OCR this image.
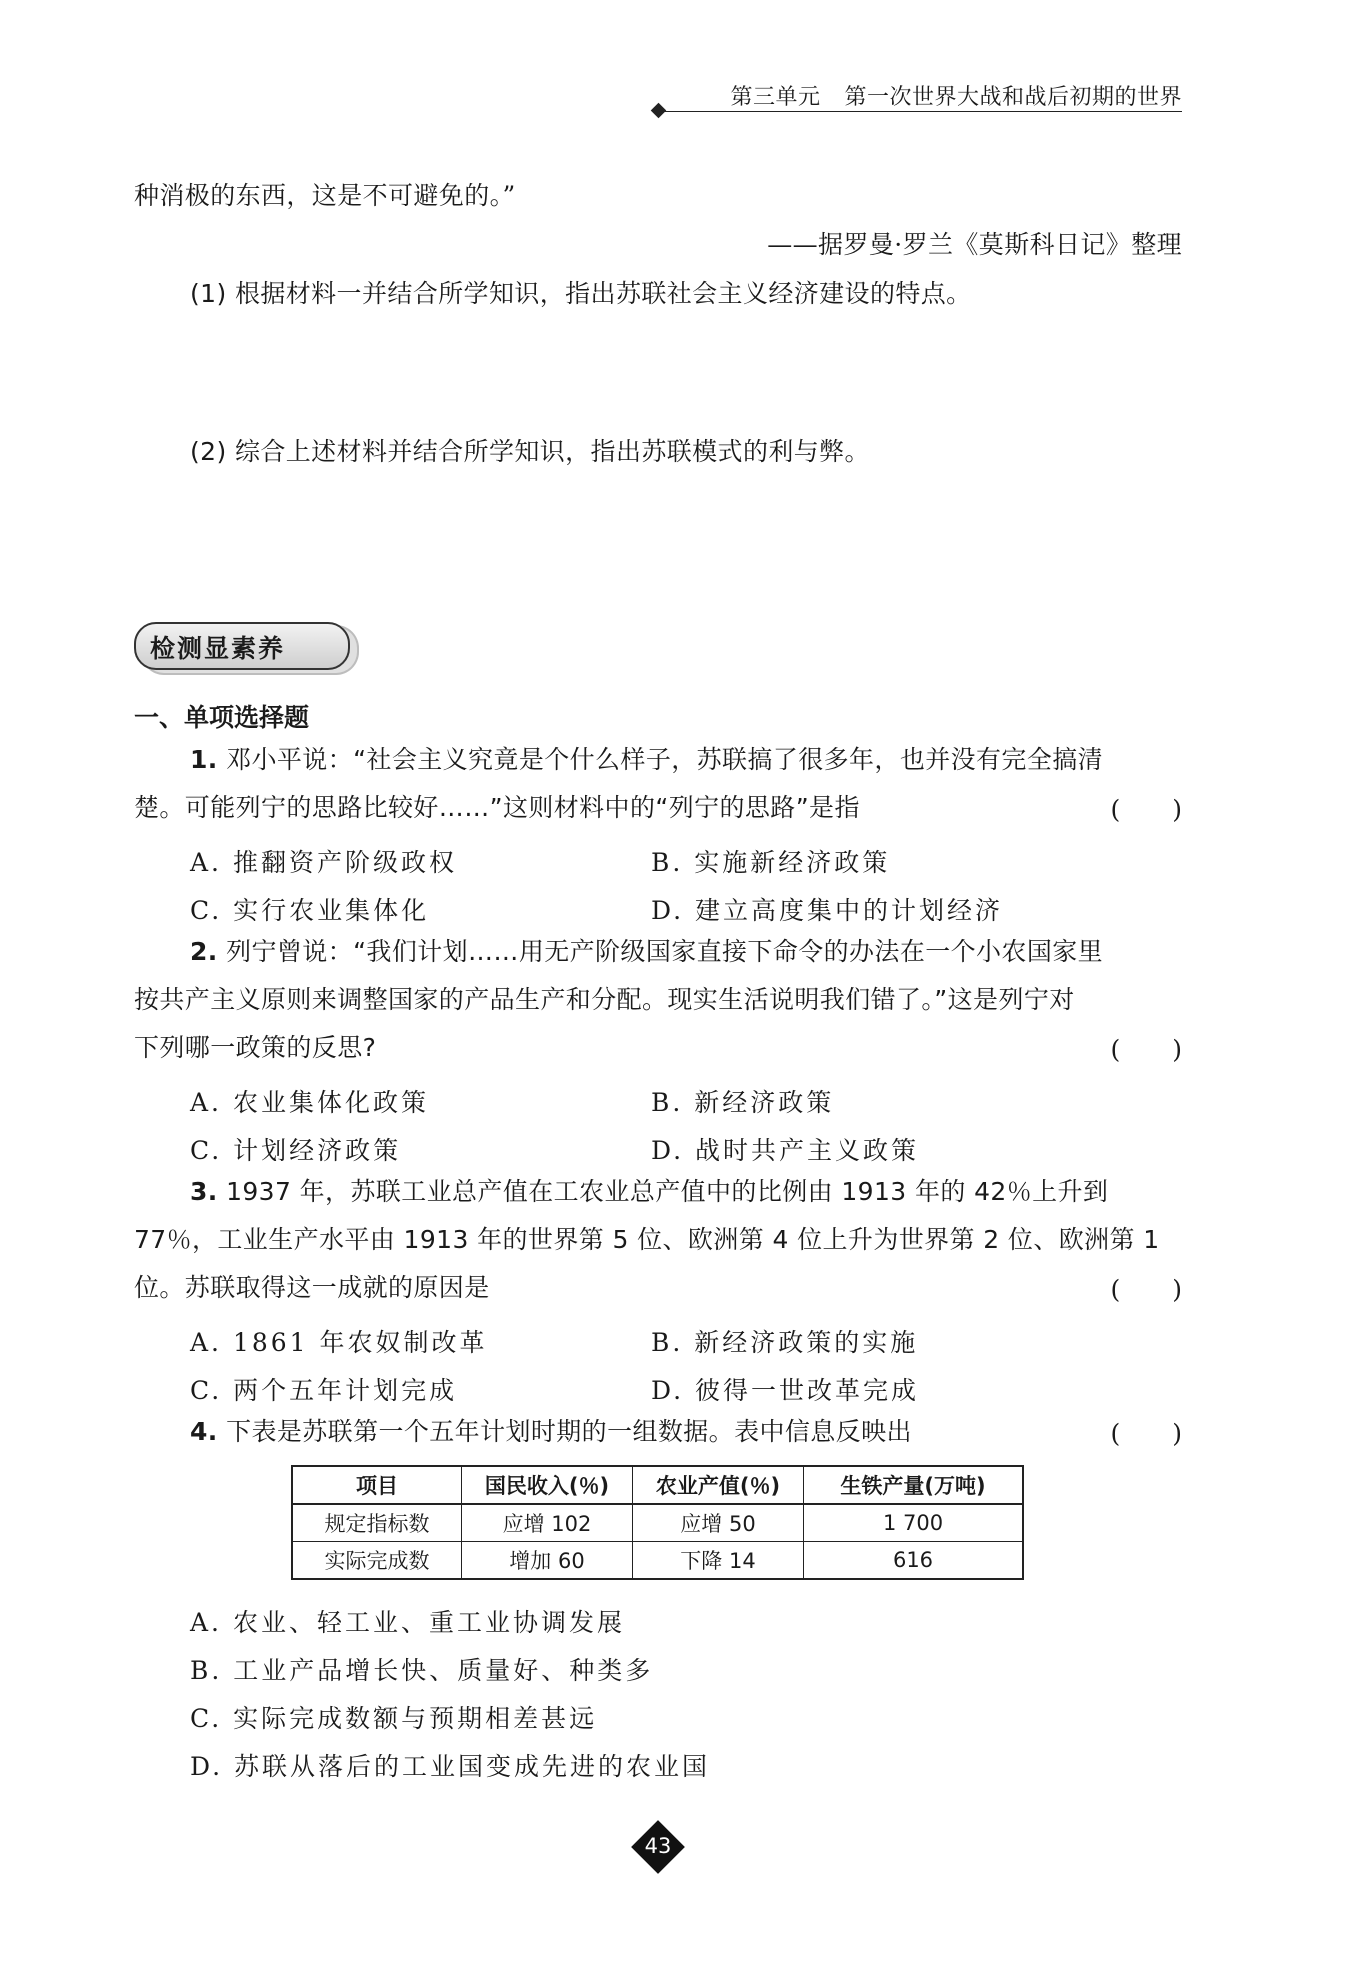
第三单元 第一次世界大战和战后初期的世界
种消极的东西，这是不可避免的。”
——据罗曼·罗兰《莫斯科日记》整理
(1) 根据材料一并结合所学知识，指出苏联社会主义经济建设的特点。
(2) 综合上述材料并结合所学知识，指出苏联模式的利与弊。
检测显素养
一、单项选择题
1. 邓小平说：“社会主义究竟是个什么样子，苏联搞了很多年，也并没有完全搞清
楚。可能列宁的思路比较好……”这则材料中的“列宁的思路”是指	( )
A. 推翻资产阶级政权	B. 实施新经济政策
C. 实行农业集体化	D. 建立高度集中的计划经济
2. 列宁曾说：“我们计划……用无产阶级国家直接下命令的办法在一个小农国家里
按共产主义原则来调整国家的产品生产和分配。现实生活说明我们错了。”这是列宁对
下列哪一政策的反思?	( )
A. 农业集体化政策	B. 新经济政策
C. 计划经济政策	D. 战时共产主义政策
3. 1937 年，苏联工业总产值在工农业总产值中的比例由 1913 年的 42％上升到
77％，工业生产水平由 1913 年的世界第 5 位、欧洲第 4 位上升为世界第 2 位、欧洲第 1
位。苏联取得这一成就的原因是	( )
A. 1861 年农奴制改革	B. 新经济政策的实施
C. 两个五年计划完成	D. 彼得一世改革完成
4. 下表是苏联第一个五年计划时期的一组数据。表中信息反映出	( )
项目	国民收入(％)	农业产值(％)	生铁产量(万吨)
规定指标数	应增 102	应增 50	1 700
实际完成数	增加 60	下降 14	616
A. 农业、轻工业、重工业协调发展
B. 工业产品增长快、质量好、种类多
C. 实际完成数额与预期相差甚远
D. 苏联从落后的工业国变成先进的农业国
43
